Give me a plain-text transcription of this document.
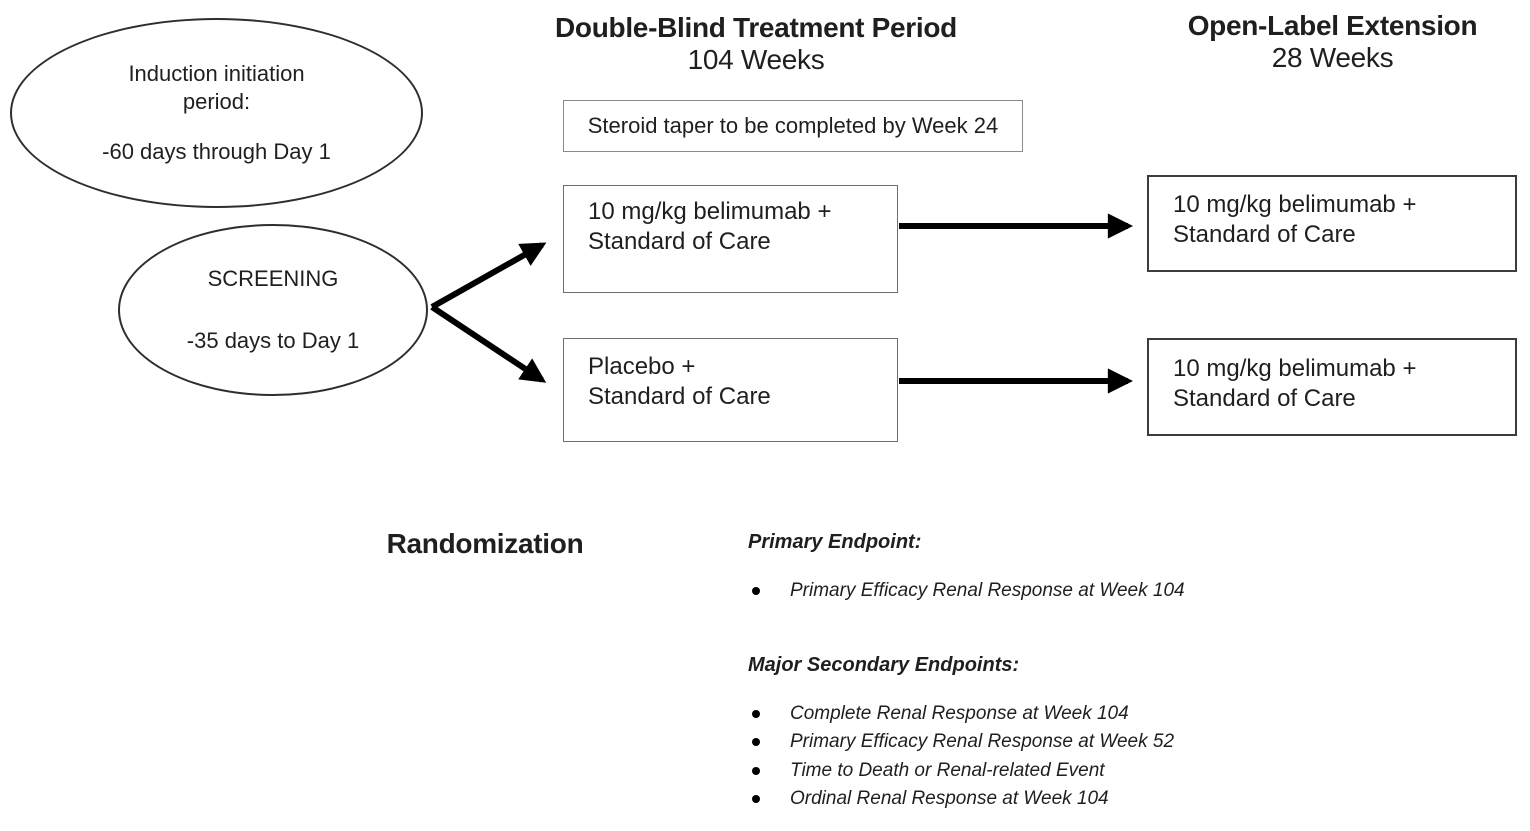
Induction initiation
period:
-60 days through Day 1
SCREENING
-35 days to Day 1
Double-Blind Treatment Period
104 Weeks
Open-Label Extension
28 Weeks
Steroid taper to be completed by Week 24
10 mg/kg belimumab +
Standard of Care
Placebo +
Standard of Care
10 mg/kg belimumab +
Standard of Care
10 mg/kg belimumab +
Standard of Care
Randomization	Primary Endpoint:
Primary Efficacy Renal Response at Week 104
Major Secondary Endpoints:
Complete Renal Response at Week 104
Primary Efficacy Renal Response at Week 52
Time to Death or Renal-related Event
Ordinal Renal Response at Week 104
